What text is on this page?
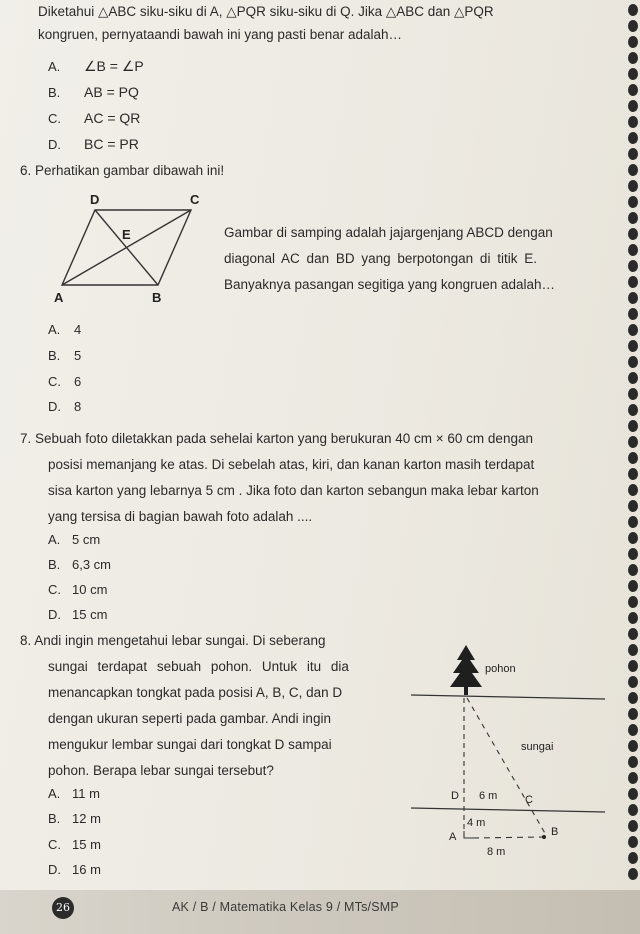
Diketahui △ABC siku-siku di A, △PQR siku-siku di Q. Jika △ABC dan △PQR
kongruen, pernyataandi bawah ini yang pasti benar adalah…
A. ∠B = ∠P
B. AB = PQ
C. AC = QR
D. BC = PR
6. Perhatikan gambar dibawah ini!
D	C
E
A	B
Gambar di samping adalah jajargenjang ABCD dengan
diagonal AC dan BD yang berpotongan di titik E.
Banyaknya pasangan segitiga yang kongruen adalah…
A. 4
B. 5
C. 6
D. 8
7. Sebuah foto diletakkan pada sehelai karton yang berukuran 40 cm × 60 cm dengan
posisi memanjang ke atas. Di sebelah atas, kiri, dan kanan karton masih terdapat
sisa karton yang lebarnya 5 cm . Jika foto dan karton sebangun maka lebar karton
yang tersisa di bagian bawah foto adalah ....
A. 5 cm
B. 6,3 cm
C. 10 cm
D. 15 cm
8. Andi ingin mengetahui lebar sungai. Di seberang
sungai terdapat sebuah pohon. Untuk itu dia
menancapkan tongkat pada posisi A, B, C, dan D
dengan ukuran seperti pada gambar. Andi ingin
mengukur lembar sungai dari tongkat D sampai
pohon. Berapa lebar sungai tersebut?
pohon
sungai
D 6 m	C
4 m
A	B
8 m
A. 11 m
B. 12 m
C. 15 m
D. 16 m
26	AK / B / Matematika Kelas 9 / MTs/SMP
